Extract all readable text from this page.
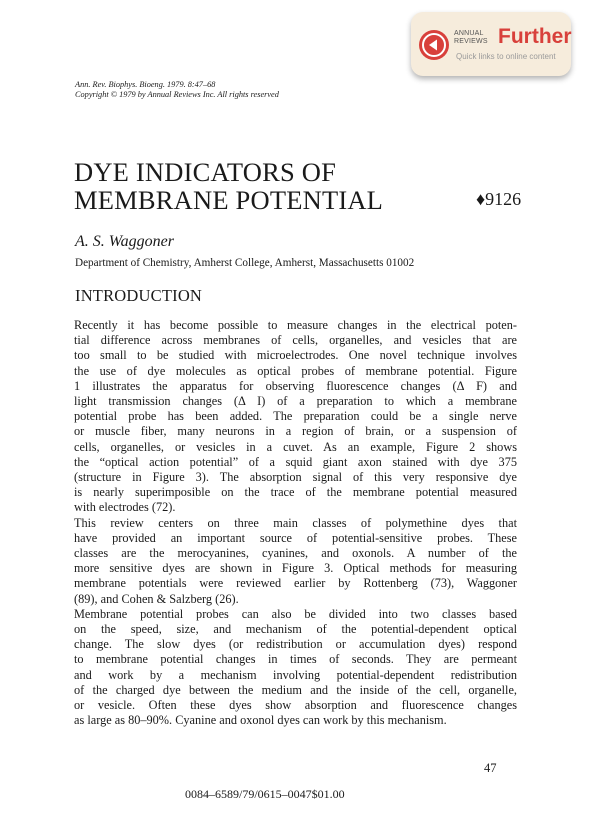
ANNUAL
REVIEWS Further
Quick links to online content
Ann. Rev. Biophys. Bioeng. 1979. 8:47–68
Copyright © 1979 by Annual Reviews Inc. All rights reserved
DYE INDICATORS OF
MEMBRANE POTENTIAL	♦9126
A. S. Waggoner
Department of Chemistry, Amherst College, Amherst, Massachusetts 01002
INTRODUCTION
Recently it has become possible to measure changes in the electrical poten-
tial difference across membranes of cells, organelles, and vesicles that are
too small to be studied with microelectrodes. One novel technique involves
the use of dye molecules as optical probes of membrane potential. Figure
1 illustrates the apparatus for observing fluorescence changes (Δ F) and
light transmission changes (Δ I) of a preparation to which a membrane
potential probe has been added. The preparation could be a single nerve
or muscle fiber, many neurons in a region of brain, or a suspension of
cells, organelles, or vesicles in a cuvet. As an example, Figure 2 shows
the “optical action potential” of a squid giant axon stained with dye 375
(structure in Figure 3). The absorption signal of this very responsive dye
is nearly superimposible on the trace of the membrane potential measured
with electrodes (72).
This review centers on three main classes of polymethine dyes that
have provided an important source of potential-sensitive probes. These
classes are the merocyanines, cyanines, and oxonols. A number of the
more sensitive dyes are shown in Figure 3. Optical methods for measuring
membrane potentials were reviewed earlier by Rottenberg (73), Waggoner
(89), and Cohen & Salzberg (26).
Membrane potential probes can also be divided into two classes based
on the speed, size, and mechanism of the potential-dependent optical
change. The slow dyes (or redistribution or accumulation dyes) respond
to membrane potential changes in times of seconds. They are permeant
and work by a mechanism involving potential-dependent redistribution
of the charged dye between the medium and the inside of the cell, organelle,
or vesicle. Often these dyes show absorption and fluorescence changes
as large as 80–90%. Cyanine and oxonol dyes can work by this mechanism.
47
0084–6589/79/0615–0047$01.00
